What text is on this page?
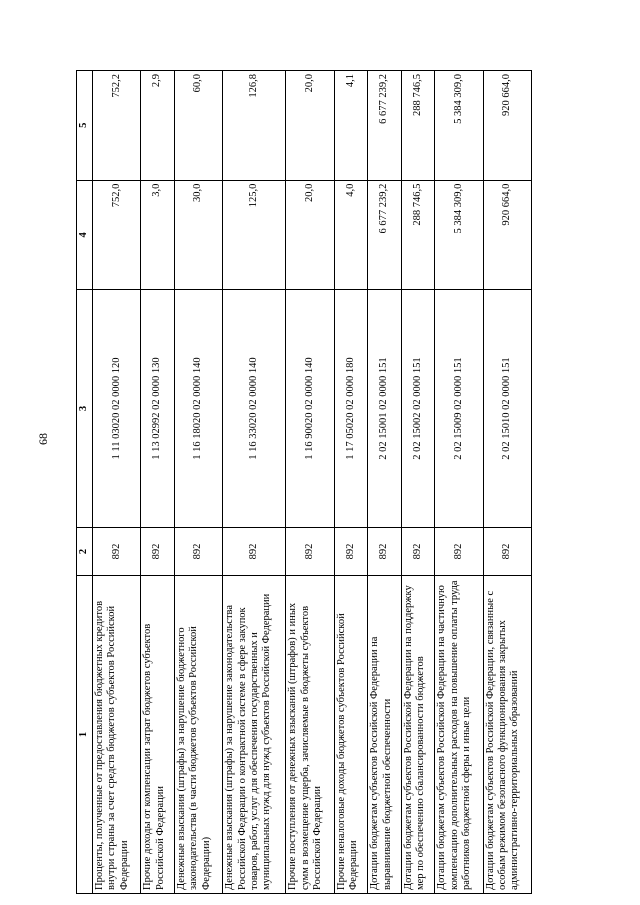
68
1	2	3	4	5
Проценты, полученные от предоставления бюджетных кредитов внутри страны за счет средств бюджетов субъектов Российской Федерации	892	1 11 03020 02 0000 120	752,0	752,2
Прочие доходы от компенсации затрат бюджетов субъектов Российской Федерации	892	1 13 02992 02 0000 130	3,0	2,9
Денежные взыскания (штрафы) за нарушение бюджетного законодательства (в части бюджетов субъектов Российской Федерации)	892	1 16 18020 02 0000 140	30,0	60,0
Денежные взыскания (штрафы) за нарушение законодательства Российской Федерации о контрактной системе в сфере закупок товаров, работ, услуг для обеспечения государственных и муниципальных нужд для нужд субъектов Российской Федерации	892	1 16 33020 02 0000 140	125,0	126,8
Прочие поступления от денежных взысканий (штрафов) и иных сумм в возмещение ущерба, зачисляемые в бюджеты субъектов Российской Федерации	892	1 16 90020 02 0000 140	20,0	20,0
Прочие неналоговые доходы бюджетов субъектов Российской Федерации	892	1 17 05020 02 0000 180	4,0	4,1
Дотации бюджетам субъектов Российской Федерации на выравнивание бюджетной обеспеченности	892	2 02 15001 02 0000 151	6 677 239,2	6 677 239,2
Дотации бюджетам субъектов Российской Федерации на поддержку мер по обеспечению сбалансированности бюджетов	892	2 02 15002 02 0000 151	288 746,5	288 746,5
Дотации бюджетам субъектов Российской Федерации на частичную компенсацию дополнительных расходов на повышение оплаты труда работников бюджетной сферы и иные цели	892	2 02 15009 02 0000 151	5 384 309,0	5 384 309,0
Дотации бюджетам субъектов Российской Федерации, связанные с особым режимом безопасного функционирования закрытых административно-территориальных образований	892	2 02 15010 02 0000 151	920 664,0	920 664,0
